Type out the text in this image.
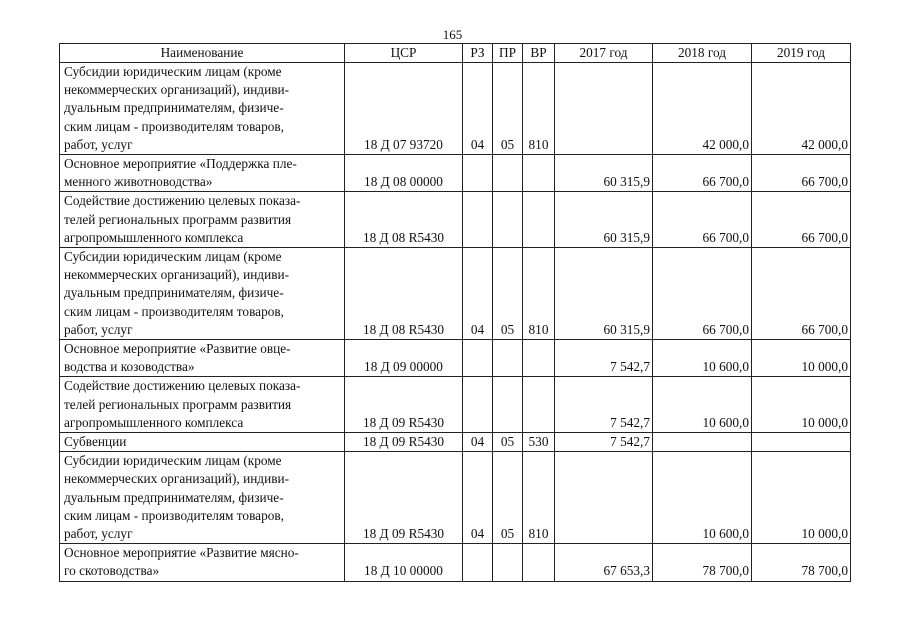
165
Наименование	ЦСР	РЗ	ПР	ВР	2017 год	2018 год	2019 год

Субсидии юридическим лицам (кроме
некоммерческих организаций), индиви-
дуальным предпринимателям, физиче-
ским лицам - производителям товаров,
работ, услуг	18 Д 07 93720	04	05	810		42 000,0	42 000,0

Основное мероприятие «Поддержка пле-
менного животноводства»	18 Д 08 00000				60 315,9	66 700,0	66 700,0

Содействие достижению целевых показа-
телей региональных программ развития
агропромышленного комплекса	18 Д 08 R5430				60 315,9	66 700,0	66 700,0

Субсидии юридическим лицам (кроме
некоммерческих организаций), индиви-
дуальным предпринимателям, физиче-
ским лицам - производителям товаров,
работ, услуг	18 Д 08 R5430	04	05	810	60 315,9	66 700,0	66 700,0

Основное мероприятие «Развитие овце-
водства и козоводства»	18 Д 09 00000				7 542,7	10 600,0	10 000,0

Содействие достижению целевых показа-
телей региональных программ развития
агропромышленного комплекса	18 Д 09 R5430				7 542,7	10 600,0	10 000,0

Субвенции	18 Д 09 R5430	04	05	530	7 542,7		

Субсидии юридическим лицам (кроме
некоммерческих организаций), индиви-
дуальным предпринимателям, физиче-
ским лицам - производителям товаров,
работ, услуг	18 Д 09 R5430	04	05	810		10 600,0	10 000,0

Основное мероприятие «Развитие мясно-
го скотоводства»	18 Д 10 00000				67 653,3	78 700,0	78 700,0
